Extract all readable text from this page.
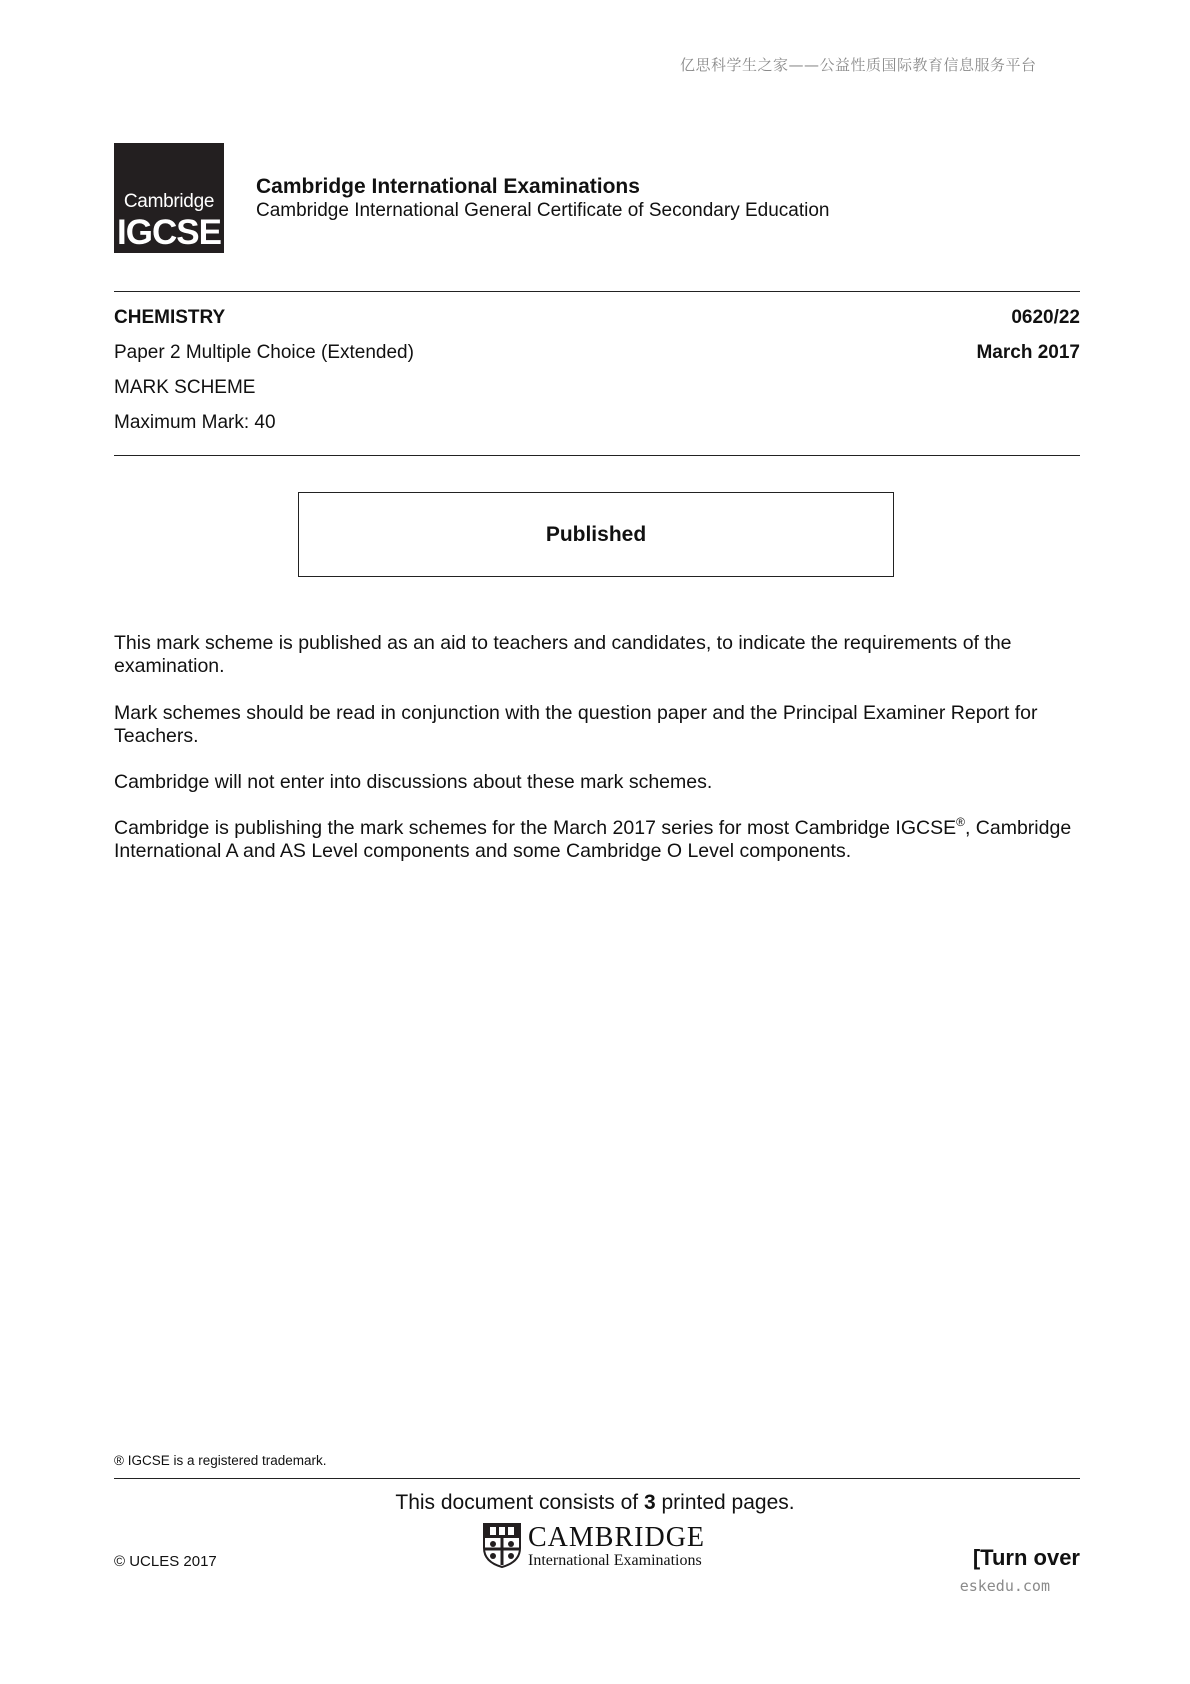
亿思科学生之家——公益性质国际教育信息服务平台
Cambridge
IGCSE
Cambridge International Examinations
Cambridge International General Certificate of Secondary Education
CHEMISTRY	0620/22
Paper 2 Multiple Choice (Extended)	March 2017
MARK SCHEME
Maximum Mark: 40
Published
This mark scheme is published as an aid to teachers and candidates, to indicate the requirements of the examination.
Mark schemes should be read in conjunction with the question paper and the Principal Examiner Report for Teachers.
Cambridge will not enter into discussions about these mark schemes.
Cambridge is publishing the mark schemes for the March 2017 series for most Cambridge IGCSE®, Cambridge International A and AS Level components and some Cambridge O Level components.
® IGCSE is a registered trademark.
This document consists of 3 printed pages.
© UCLES 2017
CAMBRIDGE
International Examinations	[Turn over
eskedu.com
